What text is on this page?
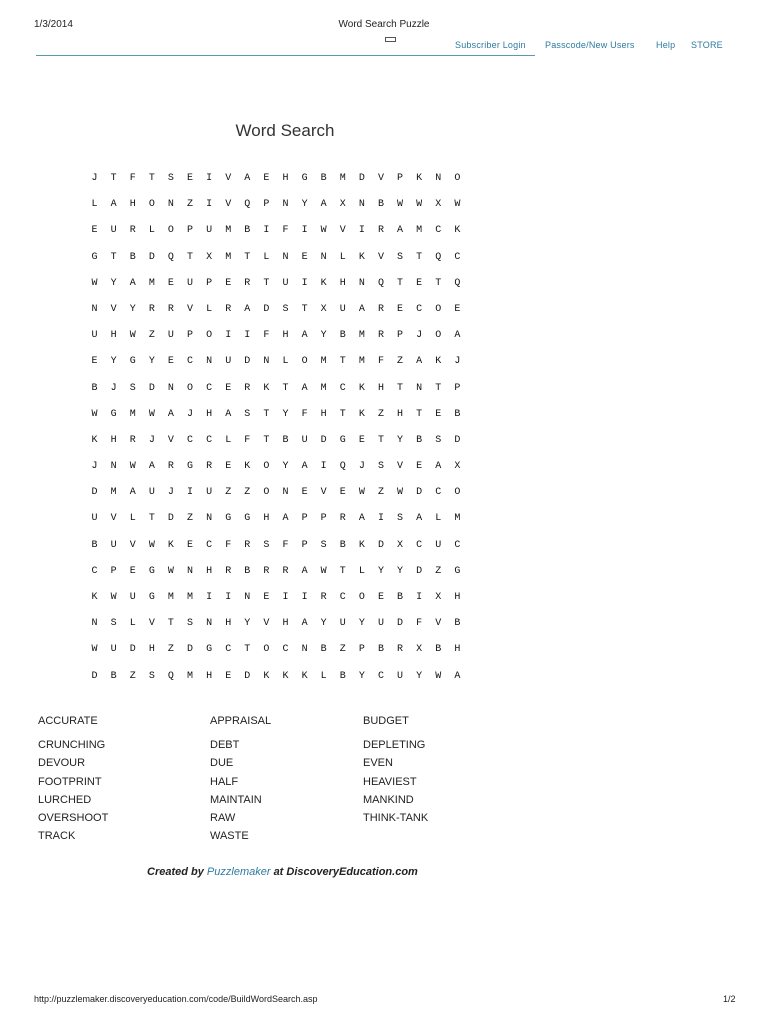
1/3/2014	Word Search Puzzle
Subscriber Login Passcode/New Users Help STORE
Word Search
J	T	F	T	S	E	I	V	A	E	H	G	B	M	D	V	P	K	N	O
L	A	H	O	N	Z	I	V	Q	P	N	Y	A	X	N	B	W	W	X	W
E	U	R	L	O	P	U	M	B	I	F	I	W	V	I	R	A	M	C	K
G	T	B	D	Q	T	X	M	T	L	N	E	N	L	K	V	S	T	Q	C
W	Y	A	M	E	U	P	E	R	T	U	I	K	H	N	Q	T	E	T	Q
N	V	Y	R	R	V	L	R	A	D	S	T	X	U	A	R	E	C	O	E
U	H	W	Z	U	P	O	I	I	F	H	A	Y	B	M	R	P	J	O	A
E	Y	G	Y	E	C	N	U	D	N	L	O	M	T	M	F	Z	A	K	J
B	J	S	D	N	O	C	E	R	K	T	A	M	C	K	H	T	N	T	P
W	G	M	W	A	J	H	A	S	T	Y	F	H	T	K	Z	H	T	E	B
K	H	R	J	V	C	C	L	F	T	B	U	D	G	E	T	Y	B	S	D
J	N	W	A	R	G	R	E	K	O	Y	A	I	Q	J	S	V	E	A	X
D	M	A	U	J	I	U	Z	Z	O	N	E	V	E	W	Z	W	D	C	O
U	V	L	T	D	Z	N	G	G	H	A	P	P	R	A	I	S	A	L	M
B	U	V	W	K	E	C	F	R	S	F	P	S	B	K	D	X	C	U	C
C	P	E	G	W	N	H	R	B	R	R	A	W	T	L	Y	Y	D	Z	G
K	W	U	G	M	M	I	I	N	E	I	I	R	C	O	E	B	I	X	H
N	S	L	V	T	S	N	H	Y	V	H	A	Y	U	Y	U	D	F	V	B
W	U	D	H	Z	D	G	C	T	O	C	N	B	Z	P	B	R	X	B	H
D	B	Z	S	Q	M	H	E	D	K	K	K	L	B	Y	C	U	Y	W	A
ACCURATE
CRUNCHING
DEVOUR
FOOTPRINT
LURCHED
OVERSHOOT
TRACK
APPRAISAL
DEBT
DUE
HALF
MAINTAIN
RAW
WASTE
BUDGET
DEPLETING
EVEN
HEAVIEST
MANKIND
THINK-TANK
Created by Puzzlemaker at DiscoveryEducation.com
http://puzzlemaker.discoveryeducation.com/code/BuildWordSearch.asp	1/2
